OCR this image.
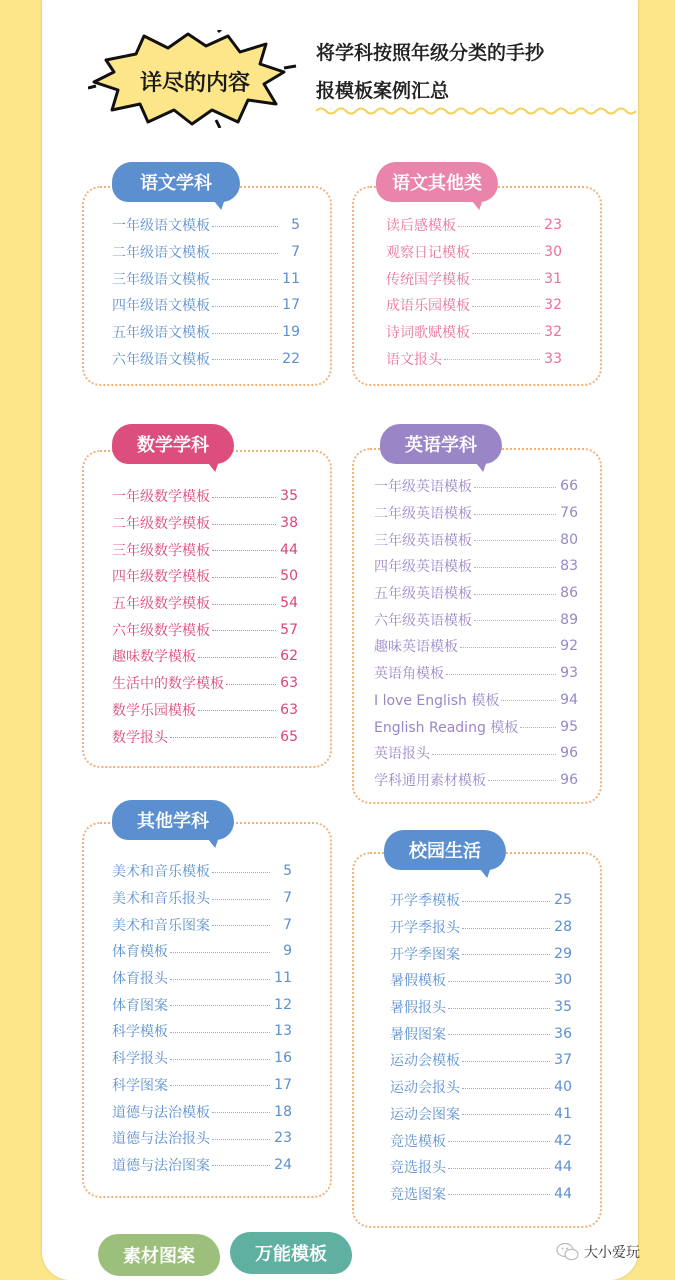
详尽的内容
将学科按照年级分类的手抄
报模板案例汇总
语文学科
一年级语文模板	5
二年级语文模板	7
三年级语文模板	11
四年级语文模板	17
五年级语文模板	19
六年级语文模板	22
语文其他类
读后感模板	23
观察日记模板	30
传统国学模板	31
成语乐园模板	32
诗词歌赋模板	32
语文报头	33
数学学科
一年级数学模板	35
二年级数学模板	38
三年级数学模板	44
四年级数学模板	50
五年级数学模板	54
六年级数学模板	57
趣味数学模板	62
生活中的数学模板	63
数学乐园模板	63
数学报头	65
英语学科
一年级英语模板	66
二年级英语模板	76
三年级英语模板	80
四年级英语模板	83
五年级英语模板	86
六年级英语模板	89
趣味英语模板	92
英语角模板	93
I love English 模板	94
English Reading 模板	95
英语报头	96
学科通用素材模板	96
其他学科
美术和音乐模板	5
美术和音乐报头	7
美术和音乐图案	7
体育模板	9
体育报头	11
体育图案	12
科学模板	13
科学报头	16
科学图案	17
道德与法治模板	18
道德与法治报头	23
道德与法治图案	24
校园生活
开学季模板	25
开学季报头	28
开学季图案	29
暑假模板	30
暑假报头	35
暑假图案	36
运动会模板	37
运动会报头	40
运动会图案	41
竞选模板	42
竞选报头	44
竞选图案	44
素材图案	万能模板	大小爱玩
